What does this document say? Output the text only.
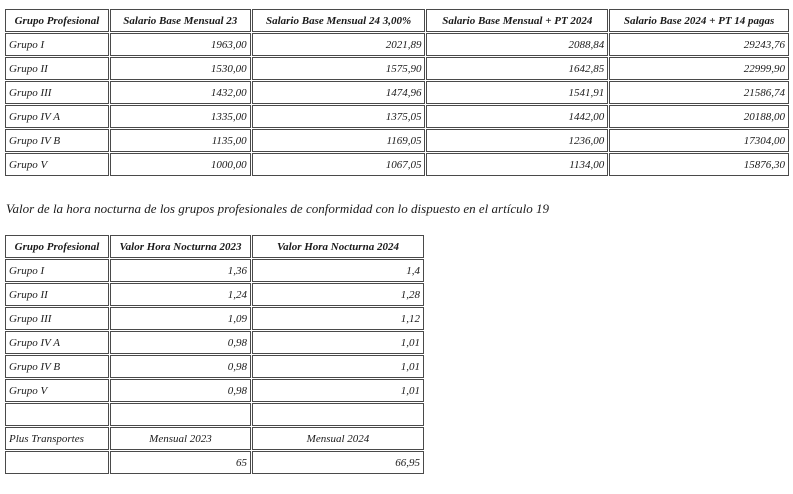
Grupo Profesional	Salario Base Mensual 23	Salario Base Mensual 24 3,00%	Salario Base Mensual + PT 2024	Salario Base 2024 + PT 14 pagas
Grupo I	1963,00	2021,89	2088,84	29243,76
Grupo II	1530,00	1575,90	1642,85	22999,90
Grupo III	1432,00	1474,96	1541,91	21586,74
Grupo IV A	1335,00	1375,05	1442,00	20188,00
Grupo IV B	1135,00	1169,05	1236,00	17304,00
Grupo V	1000,00	1067,05	1134,00	15876,30
Valor de la hora nocturna de los grupos profesionales de conformidad con lo dispuesto en el artículo 19
Grupo Profesional	Valor Hora Nocturna 2023	Valor Hora Nocturna 2024
Grupo I	1,36	1,4
Grupo II	1,24	1,28
Grupo III	1,09	1,12
Grupo IV A	0,98	1,01
Grupo IV B	0,98	1,01
Grupo V	0,98	1,01

Plus Transportes	Mensual 2023	Mensual 2024
	65	66,95
